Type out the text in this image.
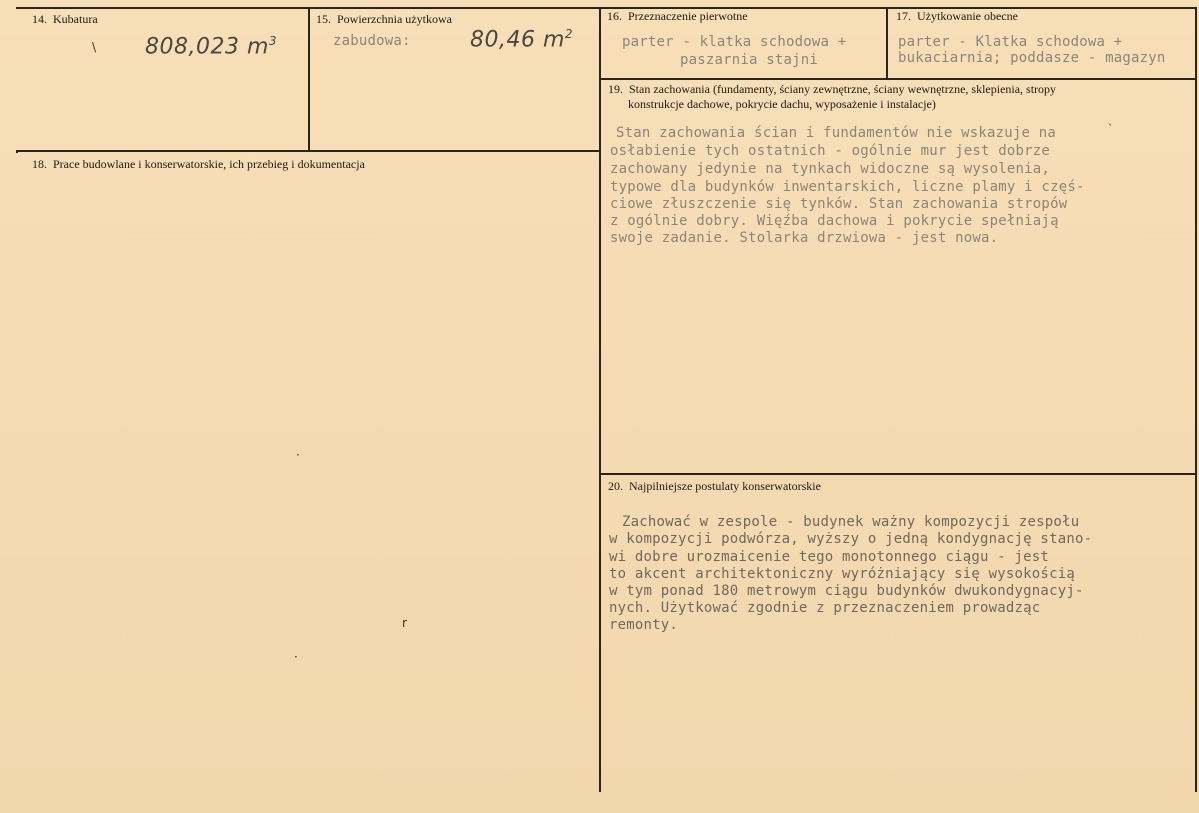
14. Kubatura
808,023 $m^3$
15. Powierzchnia użytkowa
zabudowa:	80,46 $m^2$
16. Przeznaczenie pierwotne
parter - klatka schodowa +
paszarnia stajni
17. Użytkowanie obecne
parter - Klatka schodowa +
bukaciarnia; poddasze - magazyn
18. Prace budowlane i konserwatorskie, ich przebieg i dokumentacja
19. Stan zachowania (fundamenty, ściany zewnętrzne, ściany wewnętrzne, sklepienia, stropy
konstrukcje dachowe, pokrycie dachu, wyposażenie i instalacje)
Stan zachowania ścian i fundamentów nie wskazuje na
osłabienie tych ostatnich - ogólnie mur jest dobrze
zachowany jedynie na tynkach widoczne są wysolenia,
typowe dla budynków inwentarskich, liczne plamy i częś-
ciowe złuszczenie się tynków. Stan zachowania stropów
z ogólnie dobry. Więźba dachowa i pokrycie spełniają
swoje zadanie. Stolarka drzwiowa - jest nowa.
20. Najpilniejsze postulaty konserwatorskie
Zachować w zespole - budynek ważny kompozycji zespołu
w kompozycji podwórza, wyższy o jedną kondygnację stano-
wi dobre urozmaicenie tego monotonnego ciągu - jest
to akcent architektoniczny wyróżniający się wysokością
w tym ponad 180 metrowym ciągu budynków dwukondygnacyj-
nych. Użytkować zgodnie z przeznaczeniem prowadząc
remonty.
\
r
·
·
˴
